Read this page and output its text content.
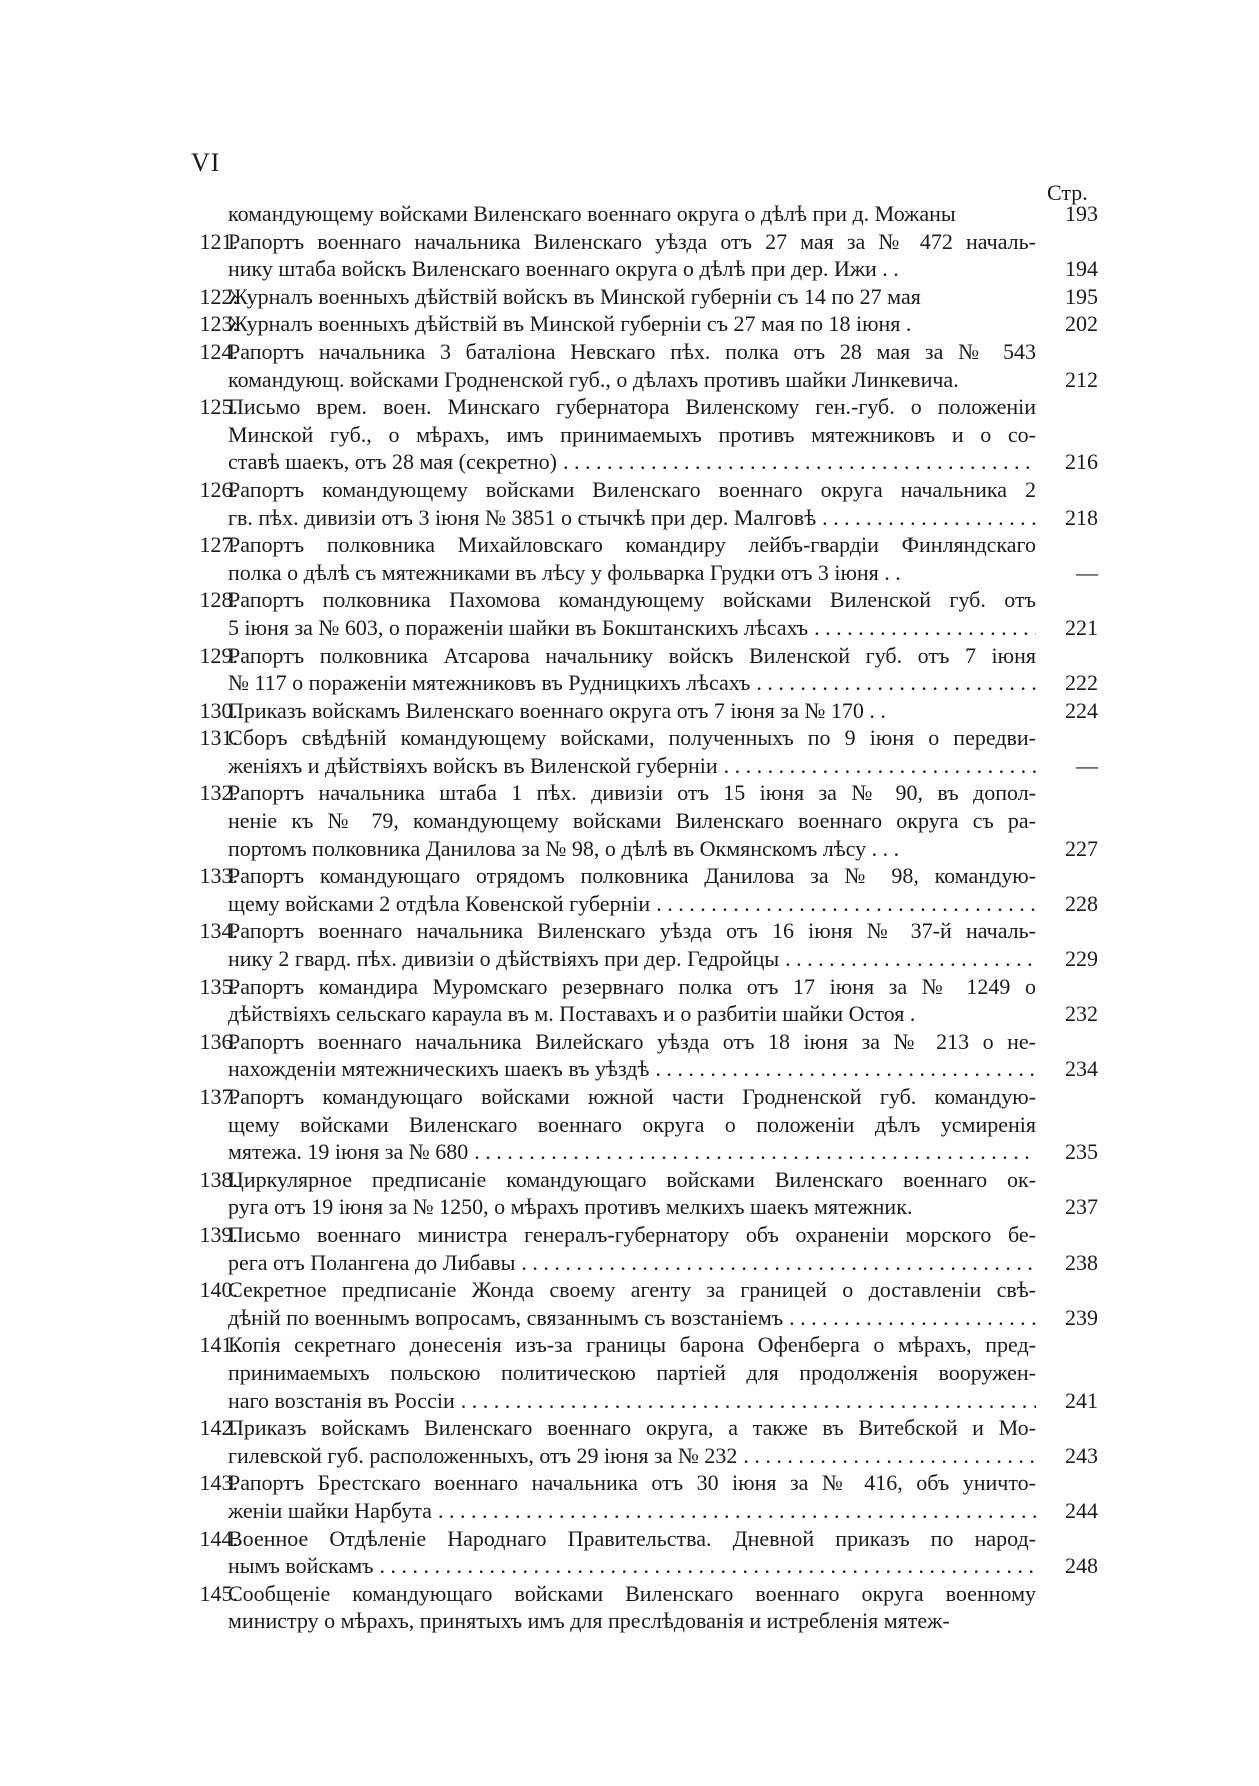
VI
Стр.
командующему войсками Виленскаго военнаго округа о дѣлѣ при д. Можаны	193
121.
Рапортъ военнаго начальника Виленскаго уѣзда отъ 27 мая за № 472 началь-
нику штаба войскъ Виленскаго военнаго округа о дѣлѣ при дер. Ижи . .	194
122.
Журналъ военныхъ дѣйствій войскъ въ Минской губерніи съ 14 по 27 мая	195
123.
Журналъ военныхъ дѣйствій въ Минской губерніи съ 27 мая по 18 іюня .	202
124.
Рапортъ начальника 3 баталіона Невскаго пѣх. полка отъ 28 мая за № 543
командующ. войсками Гродненской губ., о дѣлахъ противъ шайки Линкевича.	212
125.
Письмо врем. воен. Минскаго губернатора Виленскому ген.-губ. о положеніи
Минской губ., о мѣрахъ, имъ принимаемыхъ противъ мятежниковъ и о со-
ставѣ шаекъ, отъ 28 мая (секретно) . . .	216
126.
Рапортъ командующему войсками Виленскаго военнаго округа начальника 2
гв. пѣх. дивизіи отъ 3 іюня № 3851 о стычкѣ при дер. Малговѣ . . .	218
127.
Рапортъ полковника Михайловскаго командиру лейбъ-гвардіи Финляндскаго
полка о дѣлѣ съ мятежниками въ лѣсу у фольварка Грудки отъ 3 іюня . .	—
128.
Рапортъ полковника Пахомова командующему войсками Виленской губ. отъ
5 іюня за № 603, о пораженіи шайки въ Бокштанскихъ лѣсахъ . . .	221
129.
Рапортъ полковника Атсарова начальнику войскъ Виленской губ. отъ 7 іюня
№ 117 о пораженіи мятежниковъ въ Рудницкихъ лѣсахъ . . .	222
130.
Приказъ войскамъ Виленскаго военнаго округа отъ 7 іюня за № 170 . .	224
131.
Сборъ свѣдѣній командующему войсками, полученныхъ по 9 іюня о передви-
женіяхъ и дѣйствіяхъ войскъ въ Виленской губерніи . . .	—
132.
Рапортъ начальника штаба 1 пѣх. дивизіи отъ 15 іюня за № 90, въ допол-
неніе къ № 79, командующему войсками Виленскаго военнаго округа съ ра-
портомъ полковника Данилова за № 98, о дѣлѣ въ Окмянскомъ лѣсу . . .	227
133.
Рапортъ командующаго отрядомъ полковника Данилова за № 98, командую-
щему войсками 2 отдѣла Ковенской губерніи . . .	228
134.
Рапортъ военнаго начальника Виленскаго уѣзда отъ 16 іюня № 37-й началь-
нику 2 гвард. пѣх. дивизіи о дѣйствіяхъ при дер. Гедройцы . . .	229
135.
Рапортъ командира Муромскаго резервнаго полка отъ 17 іюня за № 1249 о
дѣйствіяхъ сельскаго караула въ м. Поставахъ и о разбитіи шайки Остоя .	232
136.
Рапортъ военнаго начальника Вилейскаго уѣзда отъ 18 іюня за № 213 о не-
нахожденіи мятежническихъ шаекъ въ уѣздѣ . . .	234
137.
Рапортъ командующаго войсками южной части Гродненской губ. командую-
щему войсками Виленскаго военнаго округа о положеніи дѣлъ усмиренія
мятежа. 19 іюня за № 680 . . .	235
138.
Циркулярное предписаніе командующаго войсками Виленскаго военнаго ок-
руга отъ 19 іюня за № 1250, о мѣрахъ противъ мелкихъ шаекъ мятежник.	237
139.
Письмо военнаго министра генералъ-губернатору объ охраненіи морского бе-
рега отъ Полангена до Либавы . . .	238
140.
Секретное предписаніе Жонда своему агенту за границей о доставленіи свѣ-
дѣній по военнымъ вопросамъ, связаннымъ съ возстаніемъ . . .	239
141.
Копія секретнаго донесенія изъ-за границы барона Офенберга о мѣрахъ, пред-
принимаемыхъ польскою политическою партіей для продолженія вооружен-
наго возстанія въ Россіи . . .	241
142.
Приказъ войскамъ Виленскаго военнаго округа, а также въ Витебской и Мо-
гилевской губ. расположенныхъ, отъ 29 іюня за № 232 . . .	243
143.
Рапортъ Брестскаго военнаго начальника отъ 30 іюня за № 416, объ уничто-
женіи шайки Нарбута . . .	244
144.
Военное Отдѣленіе Народнаго Правительства. Дневной приказъ по народ-
нымъ войскамъ . . .	248
145.
Сообщеніе командующаго войсками Виленскаго военнаго округа военному
министру о мѣрахъ, принятыхъ имъ для преслѣдованія и истребленія мятеж-
